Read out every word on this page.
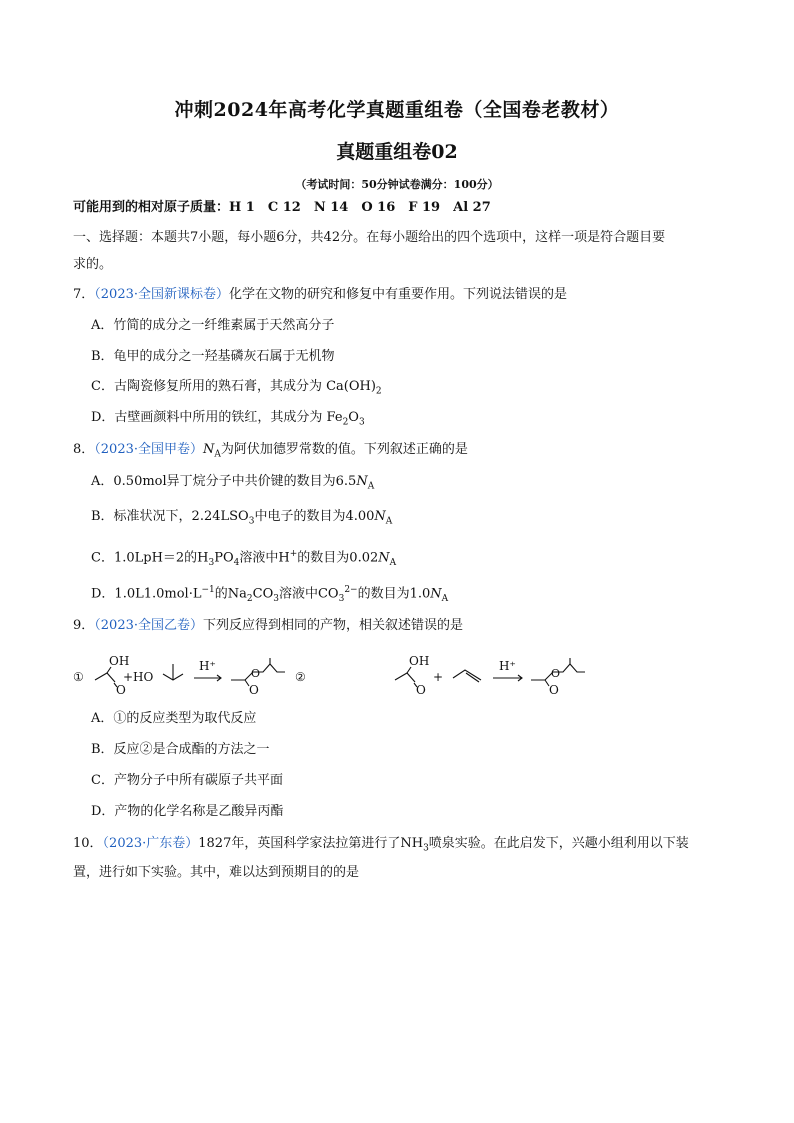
冲刺2024年高考化学真题重组卷（全国卷老教材）
真题重组卷02
（考试时间：50分钟试卷满分：100分）
可能用到的相对原子质量：H 1　C 12　N 14　O 16　F 19　Al 27
一、选择题：本题共7小题，每小题6分，共42分。在每小题给出的四个选项中，这样一项是符合题目要
求的。
7．（2023·全国新课标卷）化学在文物的研究和修复中有重要作用。下列说法错误的是
A．竹简的成分之一纤维素属于天然高分子
B．龟甲的成分之一羟基磷灰石属于无机物
C．古陶瓷修复所用的熟石膏，其成分为 $Ca(OH)_2$
D．古壁画颜料中所用的铁红，其成分为 $Fe_2O_3$
8．（2023·全国甲卷）$N_A$为阿伏加德罗常数的值。下列叙述正确的是
A．0.50mol异丁烷分子中共价键的数目为$6.5N_A$
B．标准状况下，$2.24LSO_3$中电子的数目为$4.00N_A$
C．1.0LpH＝2的$H_3PO_4$溶液中H+的数目为$0.02N_A$
D．$1.0L1.0mol\cdot L^{-1}$的$Na_2CO_3$溶液中$CO_3^{2-}$的数目为$1.0N_A$
9．（2023·全国乙卷）下列反应得到相同的产物，相关叙述错误的是
①
OH
O
+HO
H⁺
O
O	②
OH
O
+
H⁺
O
O
A．①的反应类型为取代反应
B．反应②是合成酯的方法之一
C．产物分子中所有碳原子共平面
D．产物的化学名称是乙酸异丙酯
10．（2023·广东卷）1827年，英国科学家法拉第进行了$NH_3$喷泉实验。在此启发下，兴趣小组利用以下装
置，进行如下实验。其中，难以达到预期目的的是
